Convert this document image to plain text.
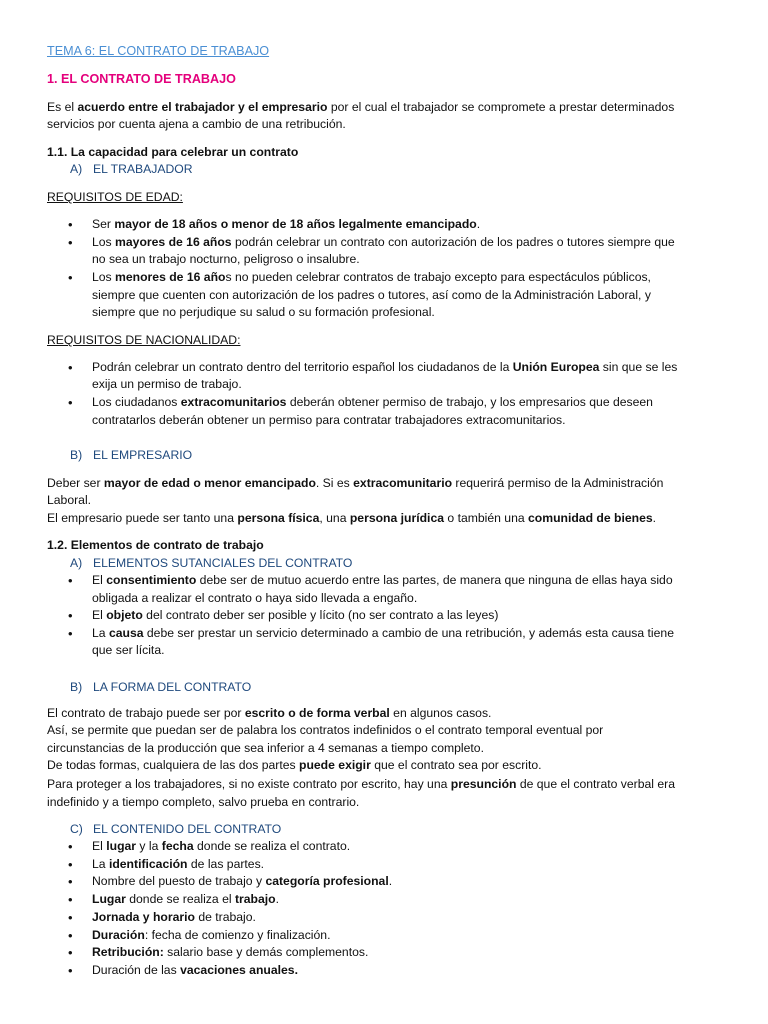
TEMA 6: EL CONTRATO DE TRABAJO
1. EL CONTRATO DE TRABAJO
Es el acuerdo entre el trabajador y el empresario por el cual el trabajador se compromete a prestar determinados
servicios por cuenta ajena a cambio de una retribución.
1.1. La capacidad para celebrar un contrato
A) EL TRABAJADOR
REQUISITOS DE EDAD:
•	Ser mayor de 18 años o menor de 18 años legalmente emancipado.
•	Los mayores de 16 años podrán celebrar un contrato con autorización de los padres o tutores siempre que
no sea un trabajo nocturno, peligroso o insalubre.
•	Los menores de 16 años no pueden celebrar contratos de trabajo excepto para espectáculos públicos,
siempre que cuenten con autorización de los padres o tutores, así como de la Administración Laboral, y
siempre que no perjudique su salud o su formación profesional.
REQUISITOS DE NACIONALIDAD:
•	Podrán celebrar un contrato dentro del territorio español los ciudadanos de la Unión Europea sin que se les
exija un permiso de trabajo.
•	Los ciudadanos extracomunitarios deberán obtener permiso de trabajo, y los empresarios que deseen
contratarlos deberán obtener un permiso para contratar trabajadores extracomunitarios.
B) EL EMPRESARIO
Deber ser mayor de edad o menor emancipado. Si es extracomunitario requerirá permiso de la Administración
Laboral.
El empresario puede ser tanto una persona física, una persona jurídica o también una comunidad de bienes.
1.2. Elementos de contrato de trabajo
A) ELEMENTOS SUTANCIALES DEL CONTRATO
•	El consentimiento debe ser de mutuo acuerdo entre las partes, de manera que ninguna de ellas haya sido
obligada a realizar el contrato o haya sido llevada a engaño.
•	El objeto del contrato deber ser posible y lícito (no ser contrato a las leyes)
•	La causa debe ser prestar un servicio determinado a cambio de una retribución, y además esta causa tiene
que ser lícita.
B) LA FORMA DEL CONTRATO
El contrato de trabajo puede ser por escrito o de forma verbal en algunos casos.
Así, se permite que puedan ser de palabra los contratos indefinidos o el contrato temporal eventual por
circunstancias de la producción que sea inferior a 4 semanas a tiempo completo.
De todas formas, cualquiera de las dos partes puede exigir que el contrato sea por escrito.
Para proteger a los trabajadores, si no existe contrato por escrito, hay una presunción de que el contrato verbal era
indefinido y a tiempo completo, salvo prueba en contrario.
C) EL CONTENIDO DEL CONTRATO
•	El lugar y la fecha donde se realiza el contrato.
•	La identificación de las partes.
•	Nombre del puesto de trabajo y categoría profesional.
•	Lugar donde se realiza el trabajo.
•	Jornada y horario de trabajo.
•	Duración: fecha de comienzo y finalización.
•	Retribución: salario base y demás complementos.
•	Duración de las vacaciones anuales.
